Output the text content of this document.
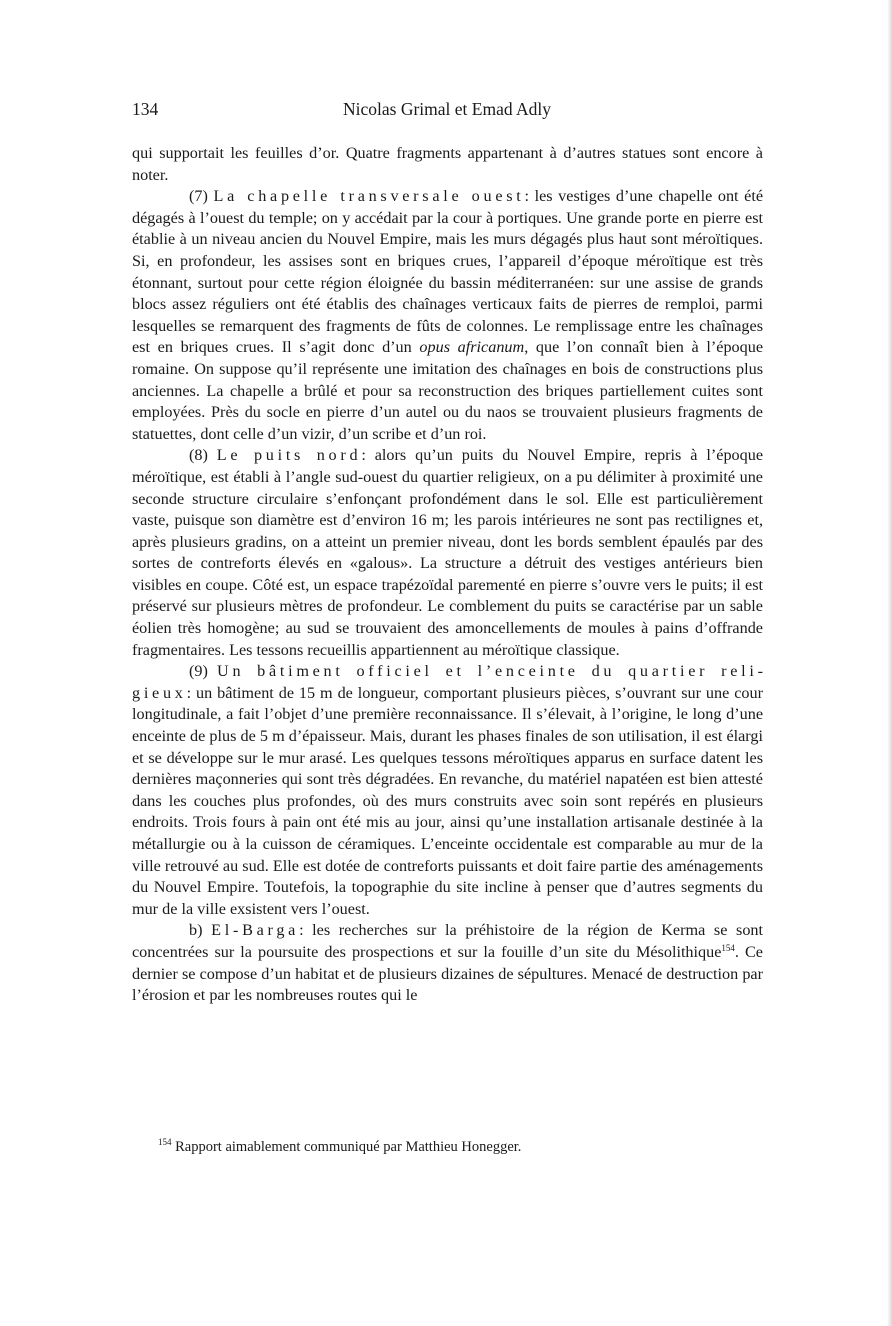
134	Nicolas Grimal et Emad Adly

qui supportait les feuilles d’or. Quatre fragments appartenant à d’autres statues sont encore à noter.

(7) La chapelle transversale ouest: les vestiges d’une chapelle ont été dégagés à l’ouest du temple; on y accédait par la cour à portiques. Une grande porte en pierre est établie à un niveau ancien du Nouvel Empire, mais les murs dégagés plus haut sont méroïtiques. Si, en profondeur, les assises sont en briques crues, l’appareil d’époque méroïtique est très étonnant, surtout pour cette région éloignée du bassin méditerranéen: sur une assise de grands blocs assez réguliers ont été établis des chaînages verticaux faits de pierres de remploi, parmi lesquelles se remarquent des fragments de fûts de colonnes. Le remplissage entre les chaînages est en briques crues. Il s’agit donc d’un opus africanum, que l’on connaît bien à l’époque romaine. On suppose qu’il représente une imitation des chaînages en bois de constructions plus anciennes. La chapelle a brûlé et pour sa reconstruction des briques partiellement cuites sont employées. Près du socle en pierre d’un autel ou du naos se trouvaient plusieurs fragments de statuettes, dont celle d’un vizir, d’un scribe et d’un roi.

(8) Le puits nord: alors qu’un puits du Nouvel Empire, repris à l’époque méroïtique, est établi à l’angle sud-ouest du quartier religieux, on a pu délimiter à proximité une seconde structure circulaire s’enfonçant profondément dans le sol. Elle est particulièrement vaste, puisque son diamètre est d’environ 16 m; les parois intérieures ne sont pas rectilignes et, après plusieurs gradins, on a atteint un premier niveau, dont les bords semblent épaulés par des sortes de contreforts élevés en «galous». La structure a détruit des vestiges antérieurs bien visibles en coupe. Côté est, un espace trapézoïdal parementé en pierre s’ouvre vers le puits; il est préservé sur plusieurs mètres de profondeur. Le comblement du puits se caractérise par un sable éolien très homogène; au sud se trouvaient des amoncellements de moules à pains d’offrande fragmentaires. Les tessons recueillis appartiennent au méroïtique classique.

(9) Un bâtiment officiel et l’enceinte du quartier religieux: un bâtiment de 15 m de longueur, comportant plusieurs pièces, s’ouvrant sur une cour longitudinale, a fait l’objet d’une première reconnaissance. Il s’élevait, à l’origine, le long d’une enceinte de plus de 5 m d’épaisseur. Mais, durant les phases finales de son utilisation, il est élargi et se développe sur le mur arasé. Les quelques tessons méroïtiques apparus en surface datent les dernières maçonneries qui sont très dégradées. En revanche, du matériel napatéen est bien attesté dans les couches plus profondes, où des murs construits avec soin sont repérés en plusieurs endroits. Trois fours à pain ont été mis au jour, ainsi qu’une installation artisanale destinée à la métallurgie ou à la cuisson de céramiques. L’enceinte occidentale est comparable au mur de la ville retrouvé au sud. Elle est dotée de contreforts puissants et doit faire partie des aménagements du Nouvel Empire. Toutefois, la topographie du site incline à penser que d’autres segments du mur de la ville exsistent vers l’ouest.

b) El-Barga: les recherches sur la préhistoire de la région de Kerma se sont concentrées sur la poursuite des prospections et sur la fouille d’un site du Mésolithique$^{154}$. Ce dernier se compose d’un habitat et de plusieurs dizaines de sépultures. Menacé de destruction par l’érosion et par les nombreuses routes qui le

$^{154}$ Rapport aimablement communiqué par Matthieu Honegger.
